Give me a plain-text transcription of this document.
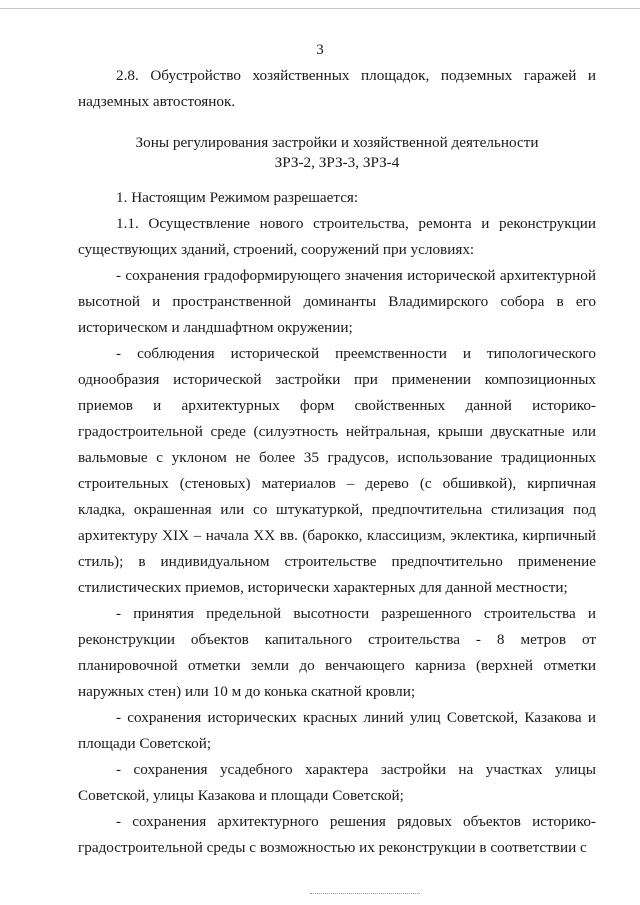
3

2.8. Обустройство хозяйственных площадок, подземных гаражей и надземных автостоянок.

Зоны регулирования застройки и хозяйственной деятельности
ЗРЗ-2, ЗРЗ-3, ЗРЗ-4

1. Настоящим Режимом разрешается:

1.1. Осуществление нового строительства, ремонта и реконструкции существующих зданий, строений, сооружений при условиях:

- сохранения градоформирующего значения исторической архитектурной высотной и пространственной доминанты Владимирского собора в его историческом и ландшафтном окружении;

- соблюдения исторической преемственности и типологического однообразия исторической застройки при применении композиционных приемов и архитектурных форм свойственных данной историко-градостроительной среде (силуэтность нейтральная, крыши двускатные или вальмовые с уклоном не более 35 градусов, использование традиционных строительных (стеновых) материалов – дерево (с обшивкой), кирпичная кладка, окрашенная или со штукатуркой, предпочтительна стилизация под архитектуру XIX – начала XX вв. (барокко, классицизм, эклектика, кирпичный стиль); в индивидуальном строительстве предпочтительно применение стилистических приемов, исторически характерных для данной местности;

- принятия предельной высотности разрешенного строительства и реконструкции объектов капитального строительства - 8 метров от планировочной отметки земли до венчающего карниза (верхней отметки наружных стен) или 10 м до конька скатной кровли;

- сохранения исторических красных линий улиц Советской, Казакова и площади Советской;

- сохранения усадебного характера застройки на участках улицы Советской, улицы Казакова и площади Советской;

- сохранения архитектурного решения рядовых объектов историко-градостроительной среды с возможностью их реконструкции в соответствии с
